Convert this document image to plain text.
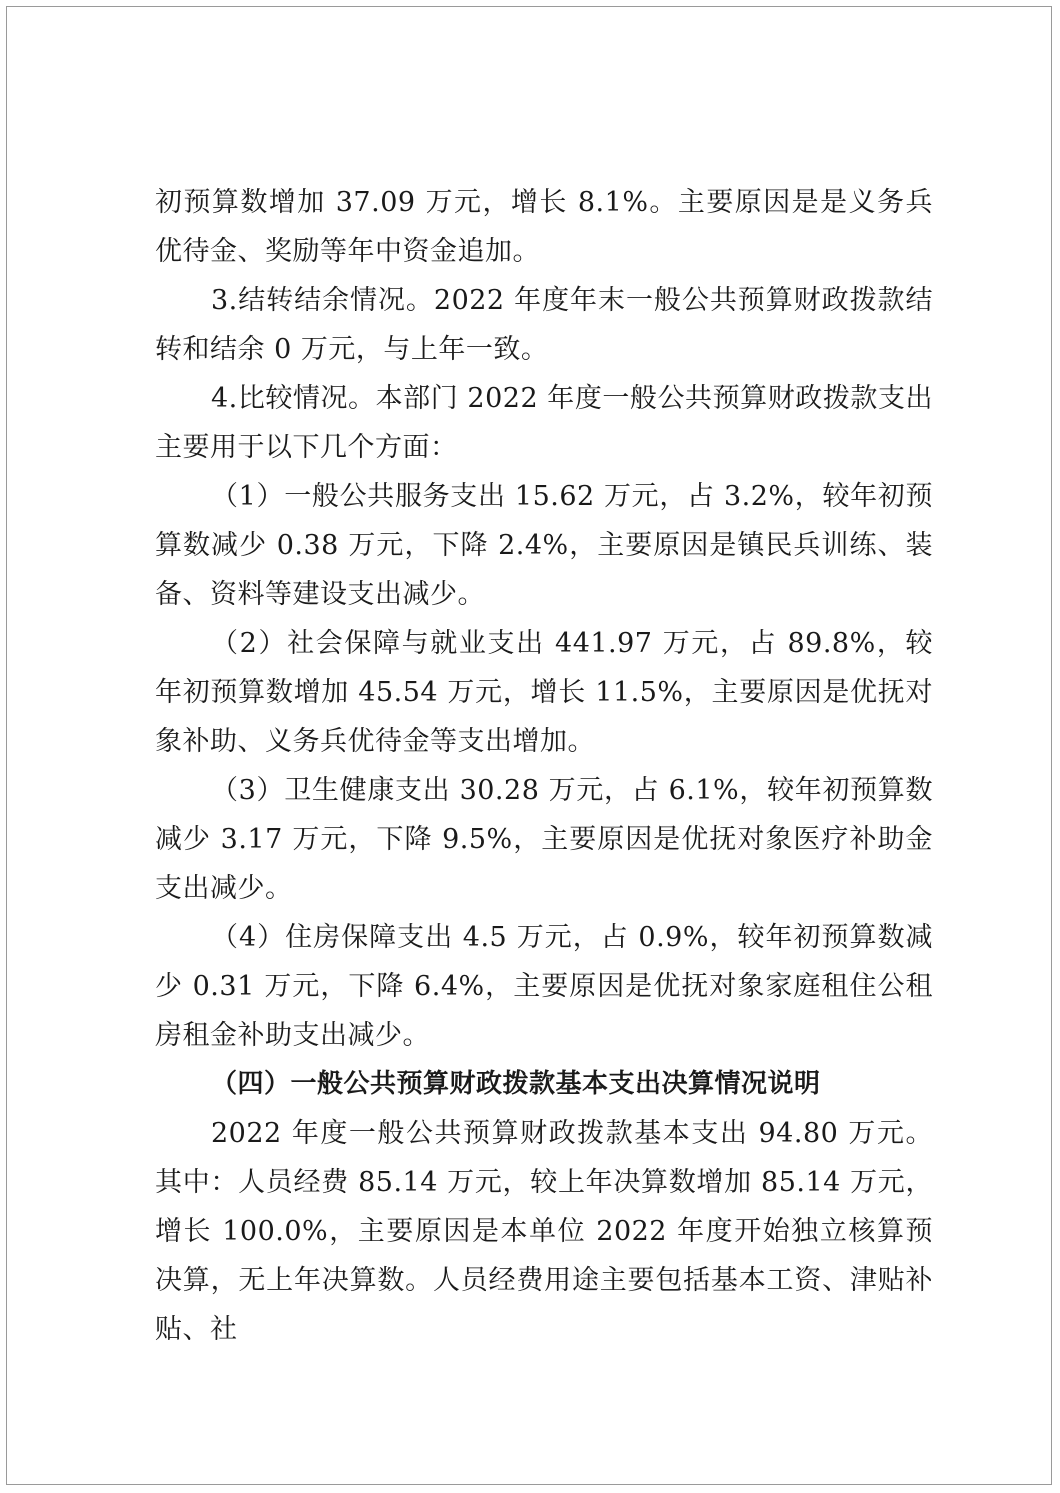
初预算数增加 37.09 万元，增长 8.1%。主要原因是是义务兵优待金、奖励等年中资金追加。

3.结转结余情况。2022 年度年末一般公共预算财政拨款结转和结余 0 万元，与上年一致。

4.比较情况。本部门 2022 年度一般公共预算财政拨款支出主要用于以下几个方面：

（1）一般公共服务支出 15.62 万元，占 3.2%，较年初预算数减少 0.38 万元，下降 2.4%，主要原因是镇民兵训练、装备、资料等建设支出减少。

（2）社会保障与就业支出 441.97 万元，占 89.8%，较年初预算数增加 45.54 万元，增长 11.5%，主要原因是优抚对象补助、义务兵优待金等支出增加。

（3）卫生健康支出 30.28 万元，占 6.1%，较年初预算数减少 3.17 万元，下降 9.5%，主要原因是优抚对象医疗补助金支出减少。

（4）住房保障支出 4.5 万元，占 0.9%，较年初预算数减少 0.31 万元，下降 6.4%，主要原因是优抚对象家庭租住公租房租金补助支出减少。

（四）一般公共预算财政拨款基本支出决算情况说明

2022 年度一般公共预算财政拨款基本支出 94.80 万元。其中：人员经费 85.14 万元，较上年决算数增加 85.14 万元，增长 100.0%，主要原因是本单位 2022 年度开始独立核算预决算，无上年决算数。人员经费用途主要包括基本工资、津贴补贴、社
